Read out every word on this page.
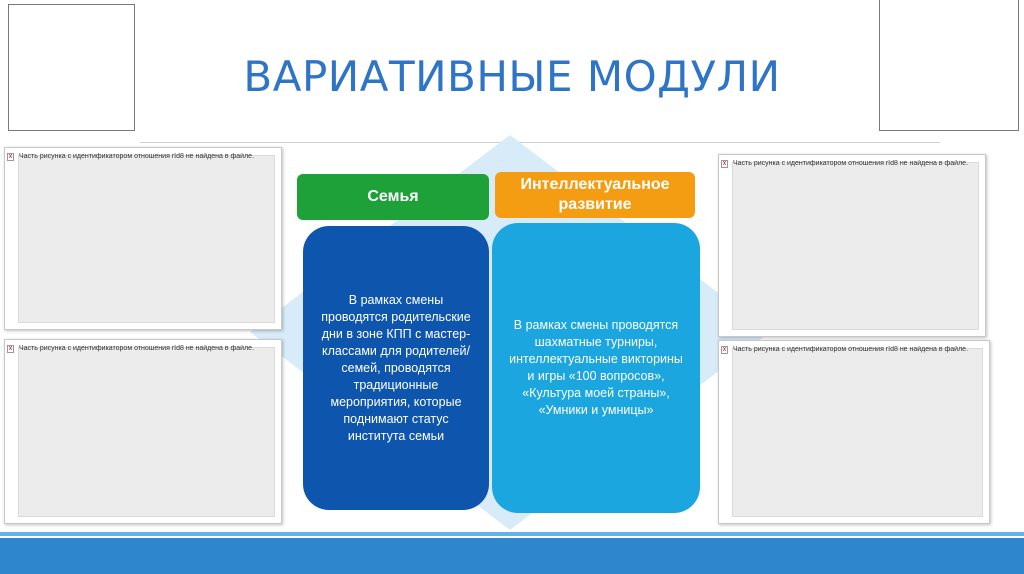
ВАРИАТИВНЫЕ МОДУЛИ
x Часть рисунка с идентификатором отношения rId8 не найдена в файле.
x Часть рисунка с идентификатором отношения rId8 не найдена в файле.
x Часть рисунка с идентификатором отношения rId8 не найдена в файле.
x Часть рисунка с идентификатором отношения rId8 не найдена в файле.
Семья
Интеллектуальное развитие
В рамках смены проводятся родительские дни в зоне КПП с мастер-классами для родителей/семей, проводятся традиционные мероприятия, которые поднимают статус института семьи
В рамках смены проводятся шахматные турниры, интеллектуальные викторины и игры «100 вопросов», «Культура моей страны», «Умники и умницы»
